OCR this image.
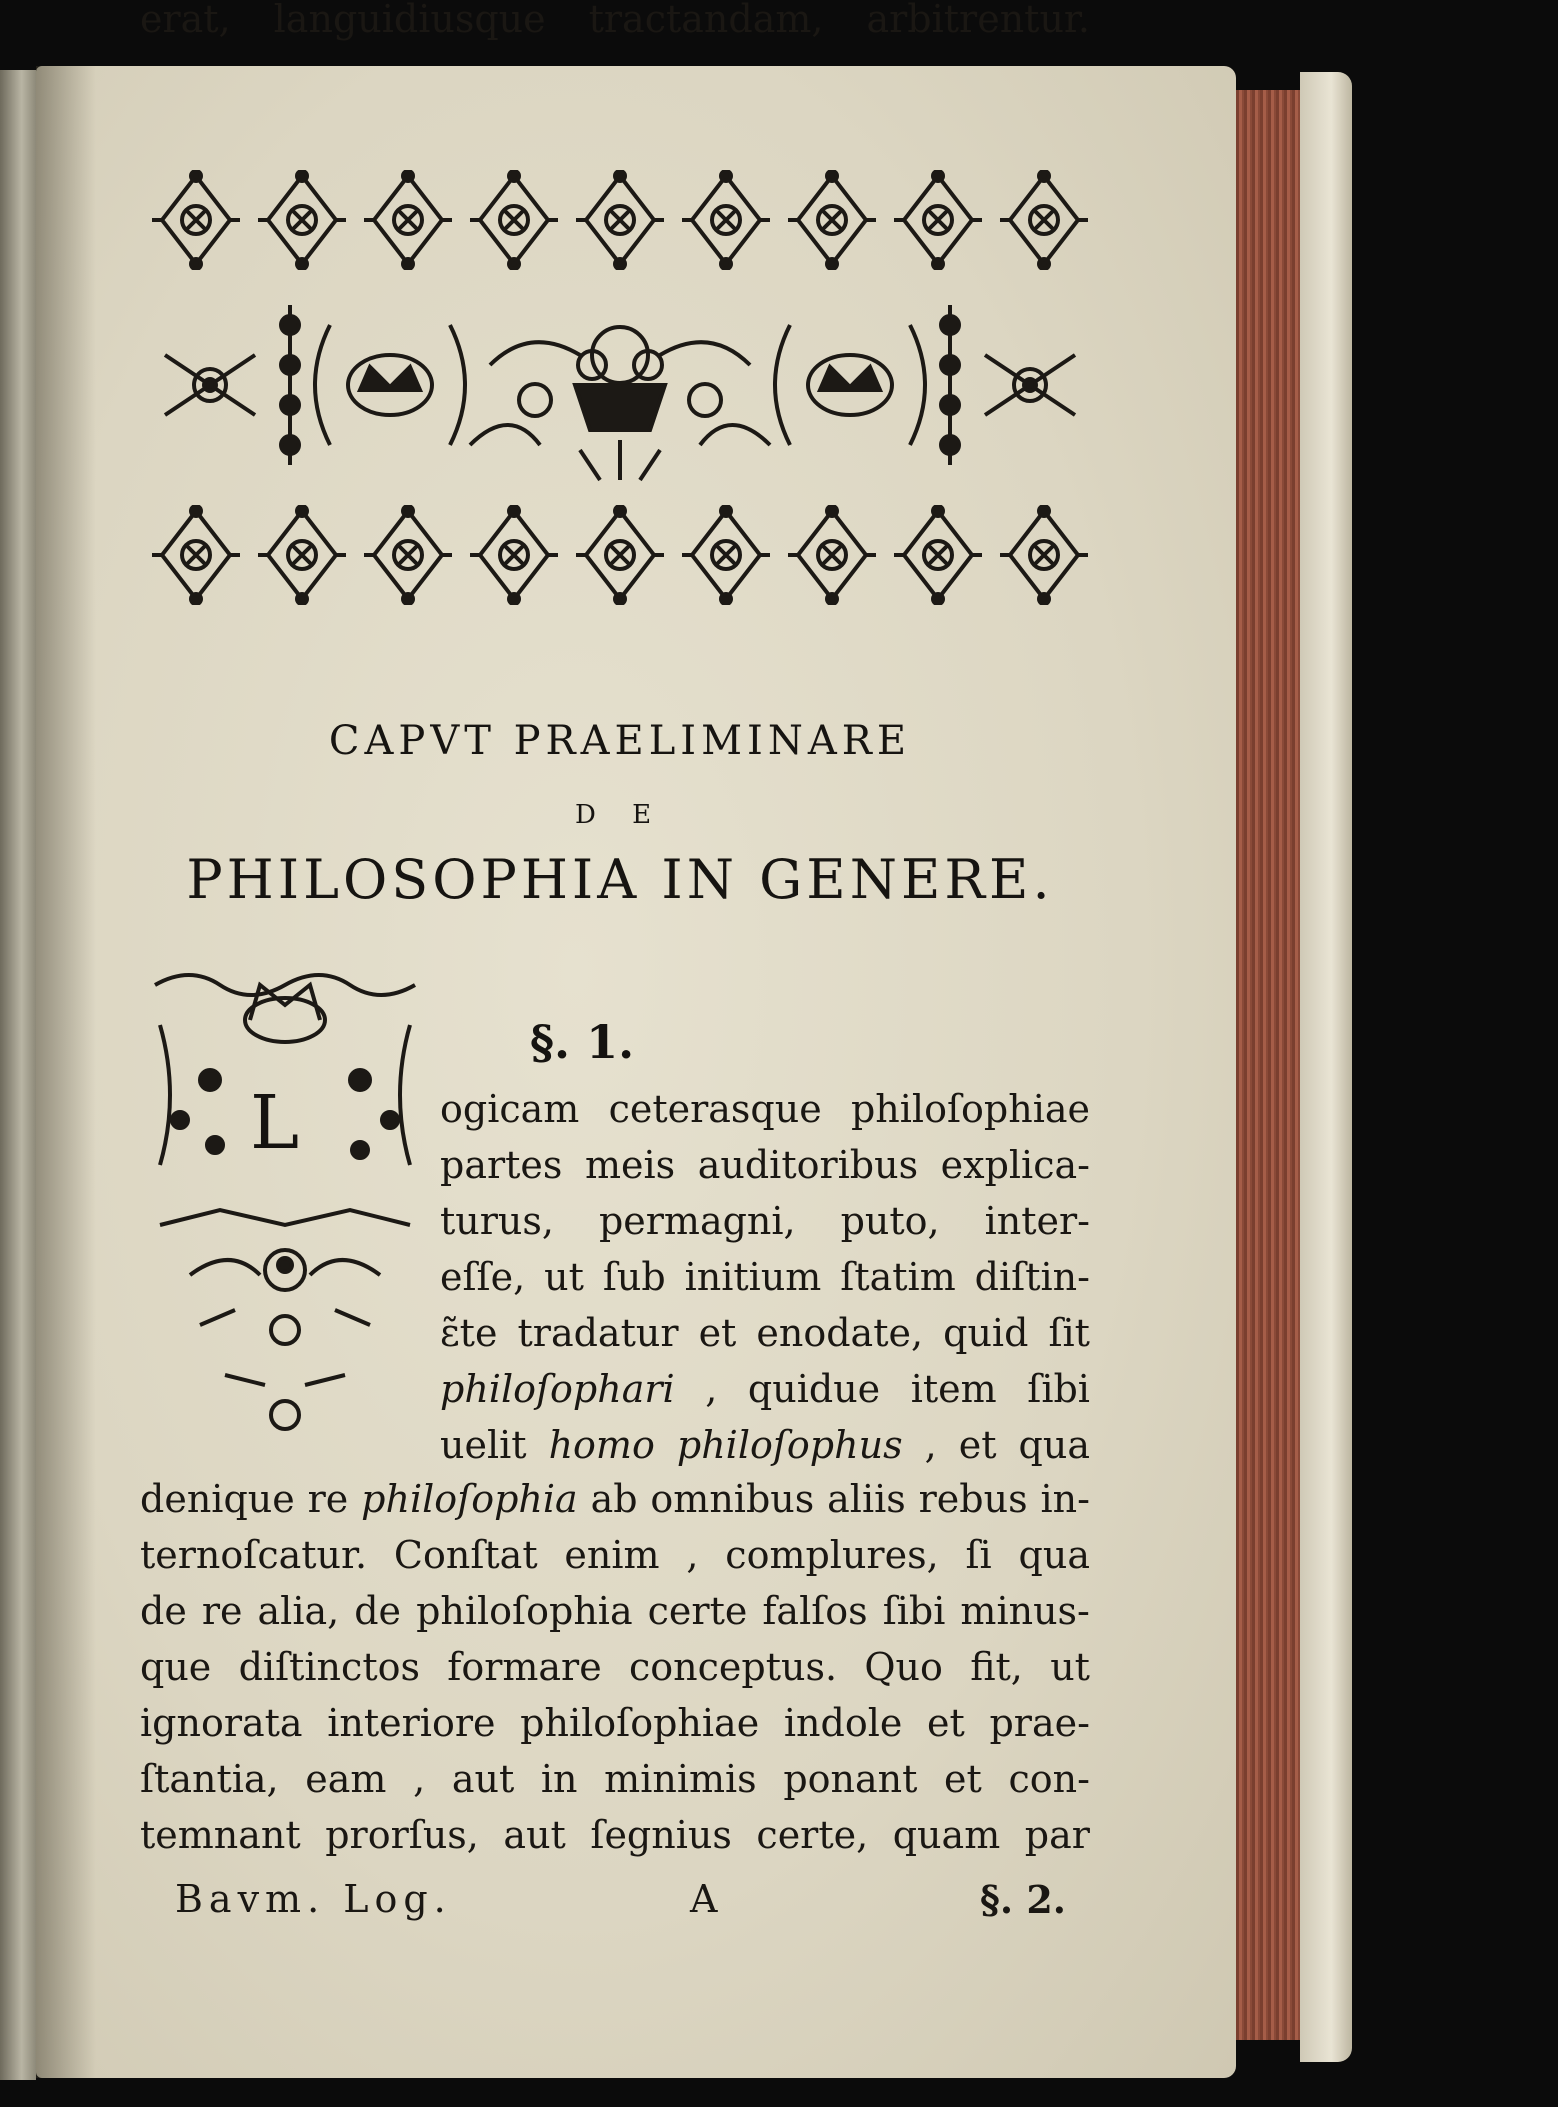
CAPVT PRAELIMINARE
D E
PHILOSOPHIA IN GENERE.
L
§. 1.
ogicam ceterasque philoſophiae
partes meis auditoribus explica-
turus, permagni, puto, inter-
eſſe, ut ſub initium ſtatim diſtin-
ɛ̃te tradatur et enodate, quid ſit
philoſophari , quidue item ſibi
uelit homo philoſophus , et qua
denique re philoſophia ab omnibus aliis rebus in-
ternoſcatur. Conſtat enim , complures, ſi qua
de re alia, de philoſophia certe falſos ſibi minus-
que diſtinctos formare conceptus. Quo fit, ut
ignorata interiore philoſophiae indole et prae-
ſtantia, eam , aut in minimis ponant et con-
temnant prorſus, aut ſegnius certe, quam par
erat, languidiusque tractandam, arbitrentur.
Bavm. Log.	A	§. 2.
